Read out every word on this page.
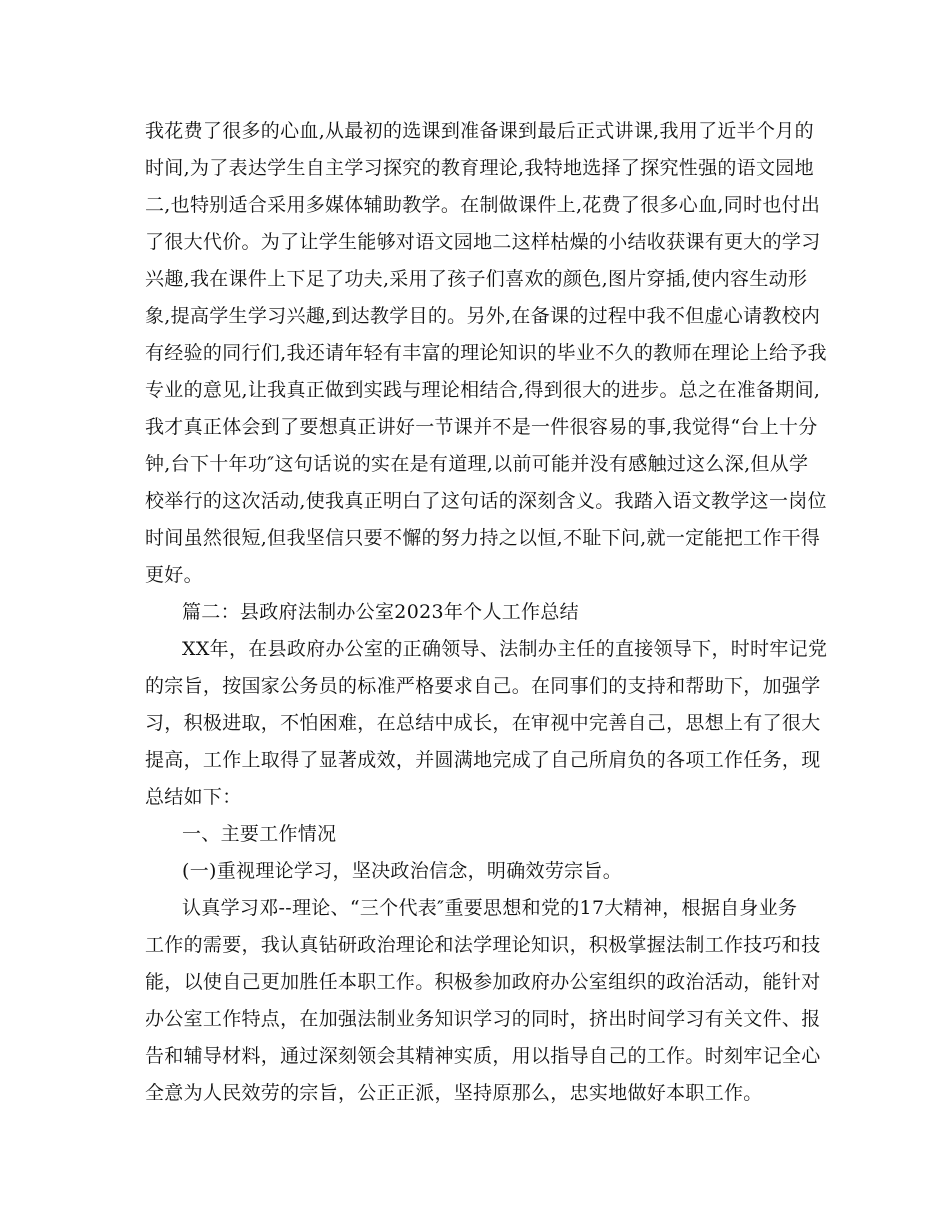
我花费了很多的心血,从最初的选课到准备课到最后正式讲课,我用了近半个月的
时间,为了表达学生自主学习探究的教育理论,我特地选择了探究性强的语文园地
二,也特别适合采用多媒体辅助教学。在制做课件上,花费了很多心血,同时也付出
了很大代价。为了让学生能够对语文园地二这样枯燥的小结收获课有更大的学习
兴趣,我在课件上下足了功夫,采用了孩子们喜欢的颜色,图片穿插,使内容生动形
象,提高学生学习兴趣,到达教学目的。另外,在备课的过程中我不但虚心请教校内
有经验的同行们,我还请年轻有丰富的理论知识的毕业不久的教师在理论上给予我
专业的意见,让我真正做到实践与理论相结合,得到很大的进步。总之在准备期间,
我才真正体会到了要想真正讲好一节课并不是一件很容易的事,我觉得“台上十分
钟,台下十年功″这句话说的实在是有道理,以前可能并没有感触过这么深,但从学
校举行的这次活动,使我真正明白了这句话的深刻含义。我踏入语文教学这一岗位
时间虽然很短,但我坚信只要不懈的努力持之以恒,不耻下问,就一定能把工作干得
更好。
篇二：县政府法制办公室2023年个人工作总结
XX年，在县政府办公室的正确领导、法制办主任的直接领导下，时时牢记党
的宗旨，按国家公务员的标准严格要求自己。在同事们的支持和帮助下，加强学
习，积极进取，不怕困难，在总结中成长，在审视中完善自己，思想上有了很大
提高，工作上取得了显著成效，并圆满地完成了自己所肩负的各项工作任务，现
总结如下：
一、主要工作情况
(一)重视理论学习，坚决政治信念，明确效劳宗旨。
认真学习邓--理论、“三个代表″重要思想和党的17大精神，根据自身业务
工作的需要，我认真钻研政治理论和法学理论知识，积极掌握法制工作技巧和技
能，以使自己更加胜任本职工作。积极参加政府办公室组织的政治活动，能针对
办公室工作特点，在加强法制业务知识学习的同时，挤出时间学习有关文件、报
告和辅导材料，通过深刻领会其精神实质，用以指导自己的工作。时刻牢记全心
全意为人民效劳的宗旨，公正正派，坚持原那么，忠实地做好本职工作。
